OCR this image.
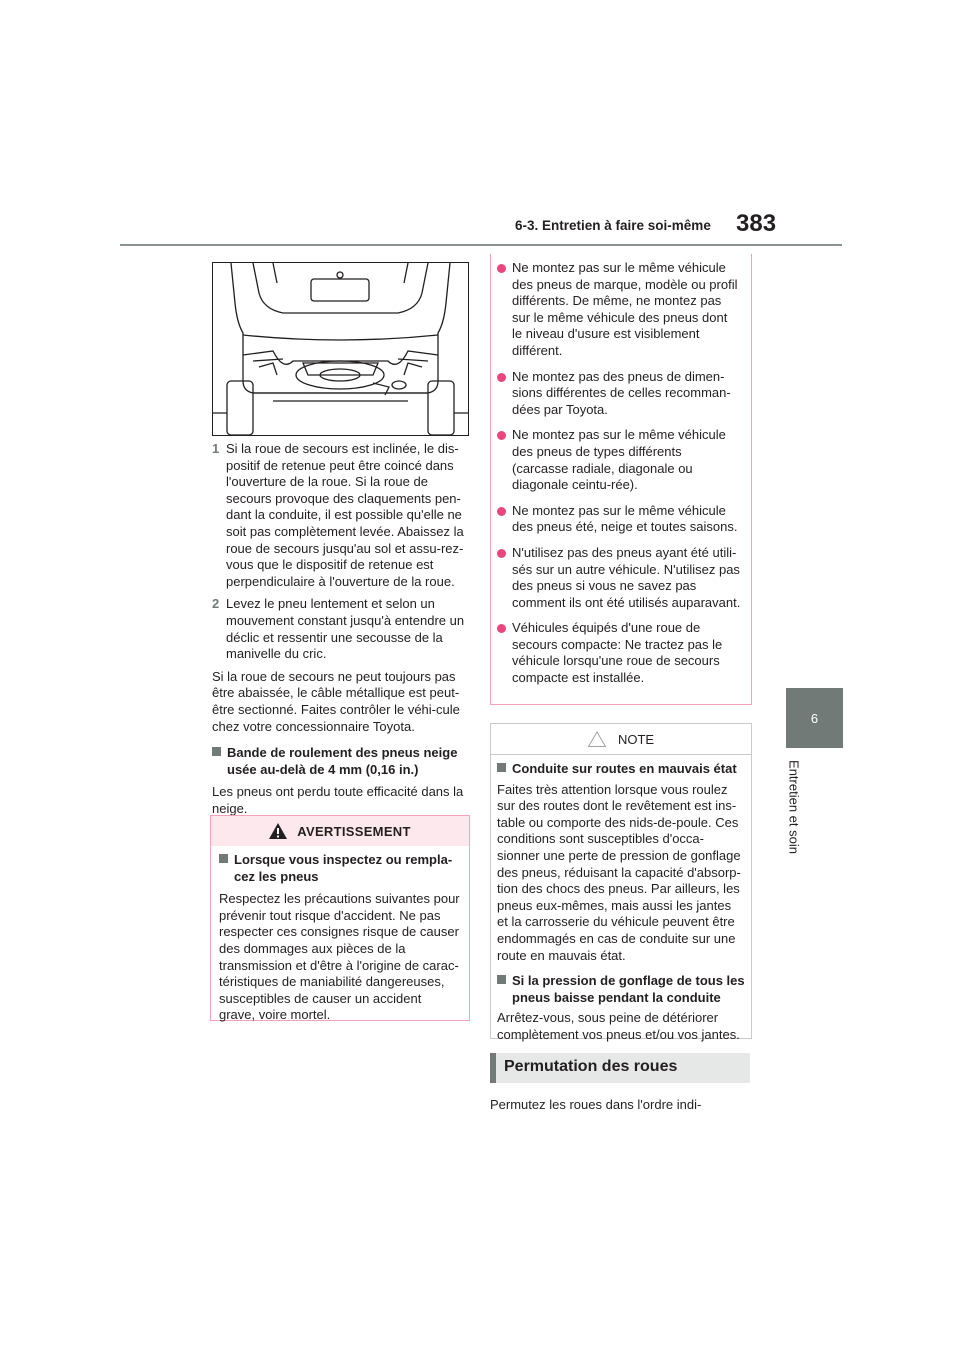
6-3. Entretien à faire soi-même 383
6
Entretien et soin
1 Si la roue de secours est inclinée, le dis-positif de retenue peut être coincé dans l'ouverture de la roue. Si la roue de secours provoque des claquements pen-dant la conduite, il est possible qu'elle ne soit pas complètement levée. Abaissez la roue de secours jusqu'au sol et assu-rez-vous que le dispositif de retenue est perpendiculaire à l'ouverture de la roue.
2 Levez le pneu lentement et selon un mouvement constant jusqu'à entendre un déclic et ressentir une secousse de la manivelle du cric.

Si la roue de secours ne peut toujours pas être abaissée, le câble métallique est peut-être sectionné. Faites contrôler le véhi-cule chez votre concessionnaire Toyota.

Bande de roulement des pneus neige usée au-delà de 4 mm (0,16 in.)

Les pneus ont perdu toute efficacité dans la neige.

AVERTISSEMENT

Lorsque vous inspectez ou rempla-cez les pneus

Respectez les précautions suivantes pour prévenir tout risque d'accident. Ne pas respecter ces consignes risque de causer des dommages aux pièces de la transmission et d'être à l'origine de carac-téristiques de maniabilité dangereuses, susceptibles de causer un accident grave, voire mortel.

Ne montez pas sur le même véhicule des pneus de marque, modèle ou profil différents. De même, ne montez pas sur le même véhicule des pneus dont le niveau d'usure est visiblement différent.
Ne montez pas des pneus de dimen-sions différentes de celles recomman-dées par Toyota.
Ne montez pas sur le même véhicule des pneus de types différents (carcasse radiale, diagonale ou diagonale ceintu-rée).
Ne montez pas sur le même véhicule des pneus été, neige et toutes saisons.
N'utilisez pas des pneus ayant été utili-sés sur un autre véhicule. N'utilisez pas des pneus si vous ne savez pas comment ils ont été utilisés auparavant.
Véhicules équipés d'une roue de secours compacte: Ne tractez pas le véhicule lorsqu'une roue de secours compacte est installée.
NOTE

Conduite sur routes en mauvais état

Faites très attention lorsque vous roulez sur des routes dont le revêtement est ins-table ou comporte des nids-de-poule. Ces conditions sont susceptibles d'occa-sionner une perte de pression de gonflage des pneus, réduisant la capacité d'absorp-tion des chocs des pneus. Par ailleurs, les pneus eux-mêmes, mais aussi les jantes et la carrosserie du véhicule peuvent être endommagés en cas de conduite sur une route en mauvais état.

Si la pression de gonflage de tous les pneus baisse pendant la conduite

Arrêtez-vous, sous peine de détériorer complètement vos pneus et/ou vos jantes.

Permutation des roues
Permutez les roues dans l'ordre indi-
